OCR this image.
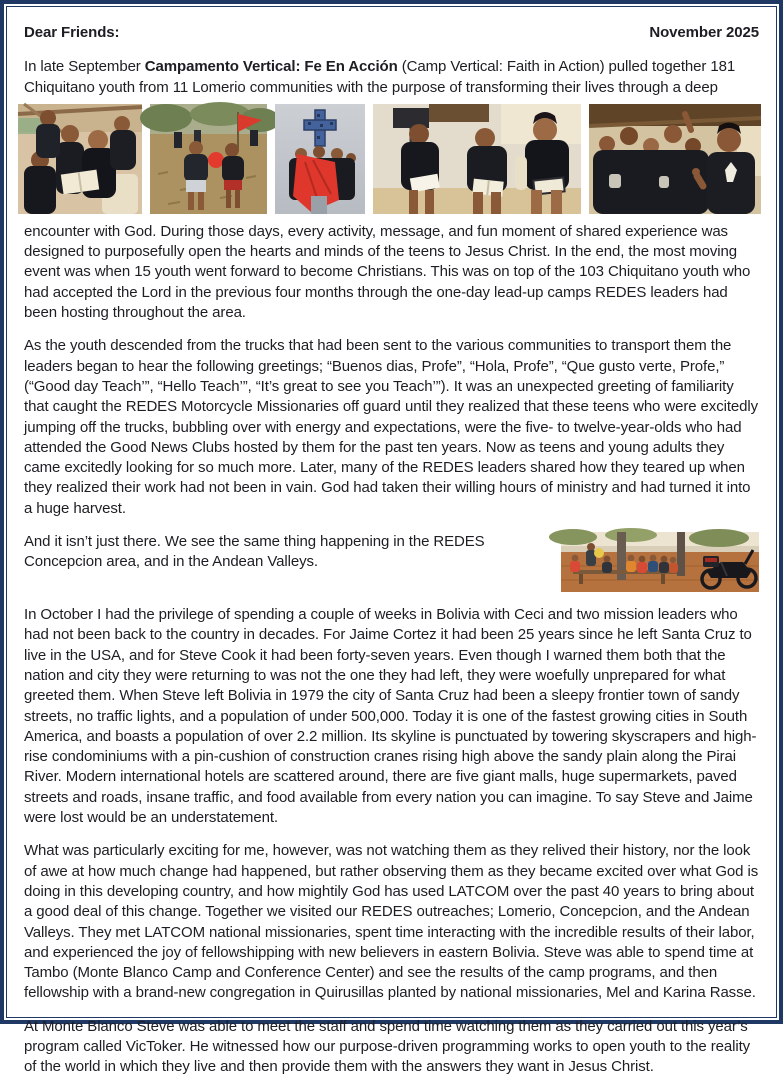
Dear Friends:	November 2025

In late September Campamento Vertical: Fe En Acción (Camp Vertical: Faith in Action) pulled together 181 Chiquitano youth from 11 Lomerio communities with the purpose of transforming their lives through a deep

encounter with God. During those days, every activity, message, and fun moment of shared experience was designed to purposefully open the hearts and minds of the teens to Jesus Christ. In the end, the most moving event was when 15 youth went forward to become Christians. This was on top of the 103 Chiquitano youth who had accepted the Lord in the previous four months through the one-day lead-up camps REDES leaders had been hosting throughout the area.

As the youth descended from the trucks that had been sent to the various communities to transport them the leaders began to hear the following greetings; “Buenos dias, Profe”, “Hola, Profe”, “Que gusto verte, Profe,” (“Good day Teach’”, “Hello Teach’”, “It’s great to see you Teach’”). It was an unexpected greeting of familiarity that caught the REDES Motorcycle Missionaries off guard until they realized that these teens who were excitedly jumping off the trucks, bubbling over with energy and expectations, were the five- to twelve-year-olds who had attended the Good News Clubs hosted by them for the past ten years. Now as teens and young adults they came excitedly looking for so much more. Later, many of the REDES leaders shared how they teared up when they realized their work had not been in vain. God had taken their willing hours of ministry and had turned it into a huge harvest.

And it isn’t just there. We see the same thing happening in the REDES Concepcion area, and in the Andean Valleys.

In October I had the privilege of spending a couple of weeks in Bolivia with Ceci and two mission leaders who had not been back to the country in decades. For Jaime Cortez it had been 25 years since he left Santa Cruz to live in the USA, and for Steve Cook it had been forty-seven years. Even though I warned them both that the nation and city they were returning to was not the one they had left, they were woefully unprepared for what greeted them. When Steve left Bolivia in 1979 the city of Santa Cruz had been a sleepy frontier town of sandy streets, no traffic lights, and a population of under 500,000. Today it is one of the fastest growing cities in South America, and boasts a population of over 2.2 million. Its skyline is punctuated by towering skyscrapers and high-rise condominiums with a pin-cushion of construction cranes rising high above the sandy plain along the Pirai River. Modern international hotels are scattered around, there are five giant malls, huge supermarkets, paved streets and roads, insane traffic, and food available from every nation you can imagine. To say Steve and Jaime were lost would be an understatement.

What was particularly exciting for me, however, was not watching them as they relived their history, nor the look of awe at how much change had happened, but rather observing them as they became excited over what God is doing in this developing country, and how mightily God has used LATCOM over the past 40 years to bring about a good deal of this change. Together we visited our REDES outreaches; Lomerio, Concepcion, and the Andean Valleys. They met LATCOM national missionaries, spent time interacting with the incredible results of their labor, and experienced the joy of fellowshipping with new believers in eastern Bolivia. Steve was able to spend time at Tambo (Monte Blanco Camp and Conference Center) and see the results of the camp programs, and then fellowship with a brand-new congregation in Quirusillas planted by national missionaries, Mel and Karina Rasse.

At Monte Blanco Steve was able to meet the staff and spend time watching them as they carried out this year’s program called VicToker. He witnessed how our purpose-driven programming works to open youth to the reality of the world in which they live and then provide them with the answers they want in Jesus Christ.
